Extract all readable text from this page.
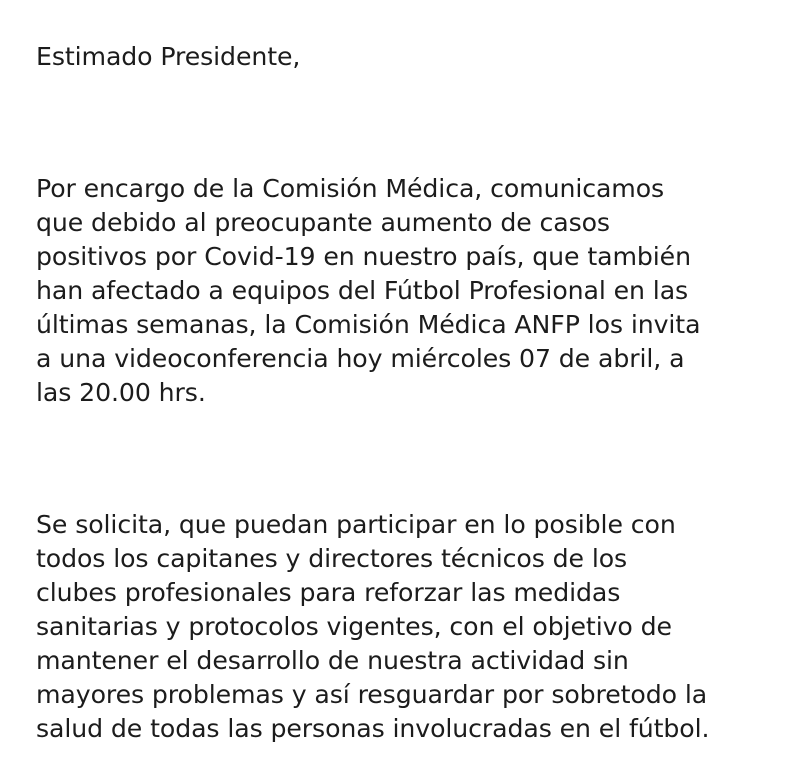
Estimado Presidente,
Por encargo de la Comisión Médica, comunicamos
que debido al preocupante aumento de casos
positivos por Covid-19 en nuestro país, que también
han afectado a equipos del Fútbol Profesional en las
últimas semanas, la Comisión Médica ANFP los invita
a una videoconferencia hoy miércoles 07 de abril, a
las 20.00 hrs.
Se solicita, que puedan participar en lo posible con
todos los capitanes y directores técnicos de los
clubes profesionales para reforzar las medidas
sanitarias y protocolos vigentes, con el objetivo de
mantener el desarrollo de nuestra actividad sin
mayores problemas y así resguardar por sobretodo la
salud de todas las personas involucradas en el fútbol.
